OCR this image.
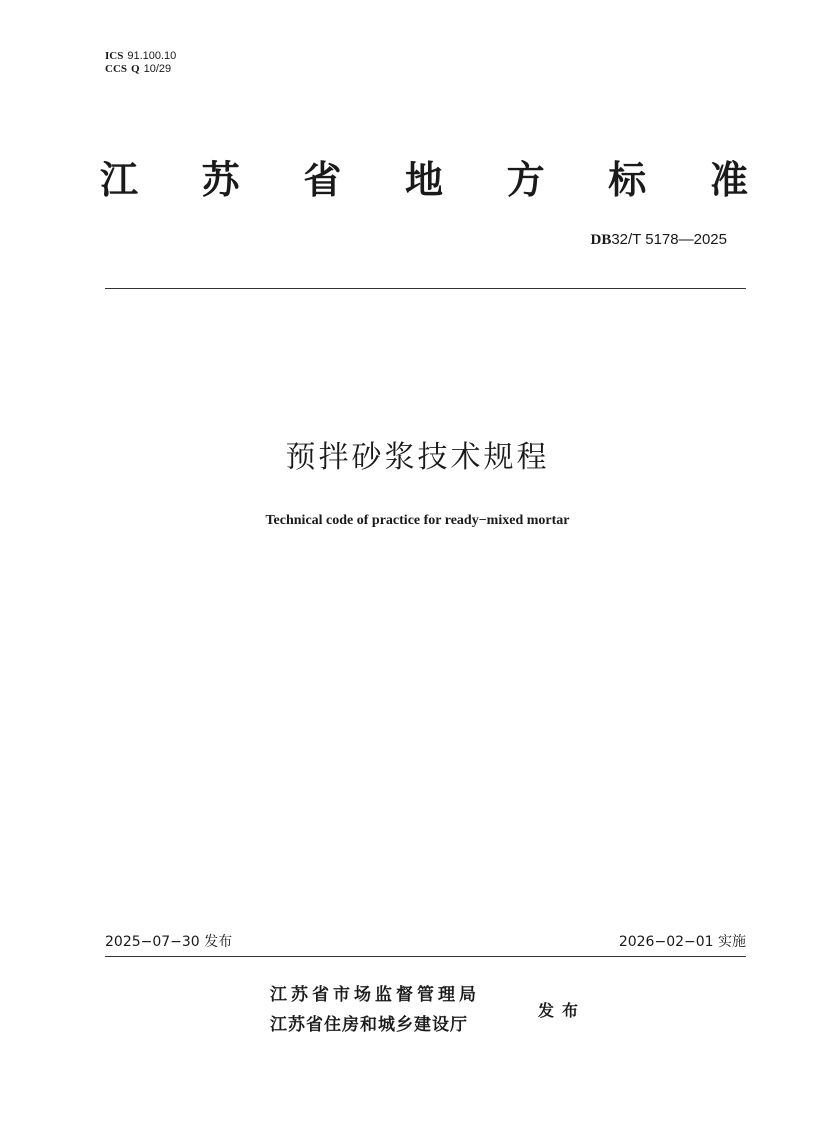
ICS 91.100.10
CCS Q 10/29
江 苏 省 地 方 标 准
DB32/T 5178—2025
预拌砂浆技术规程
Technical code of practice for ready−mixed mortar
2025−07−30 发布	2026−02−01 实施
江苏省市场监督管理局
江苏省住房和城乡建设厅
发布
